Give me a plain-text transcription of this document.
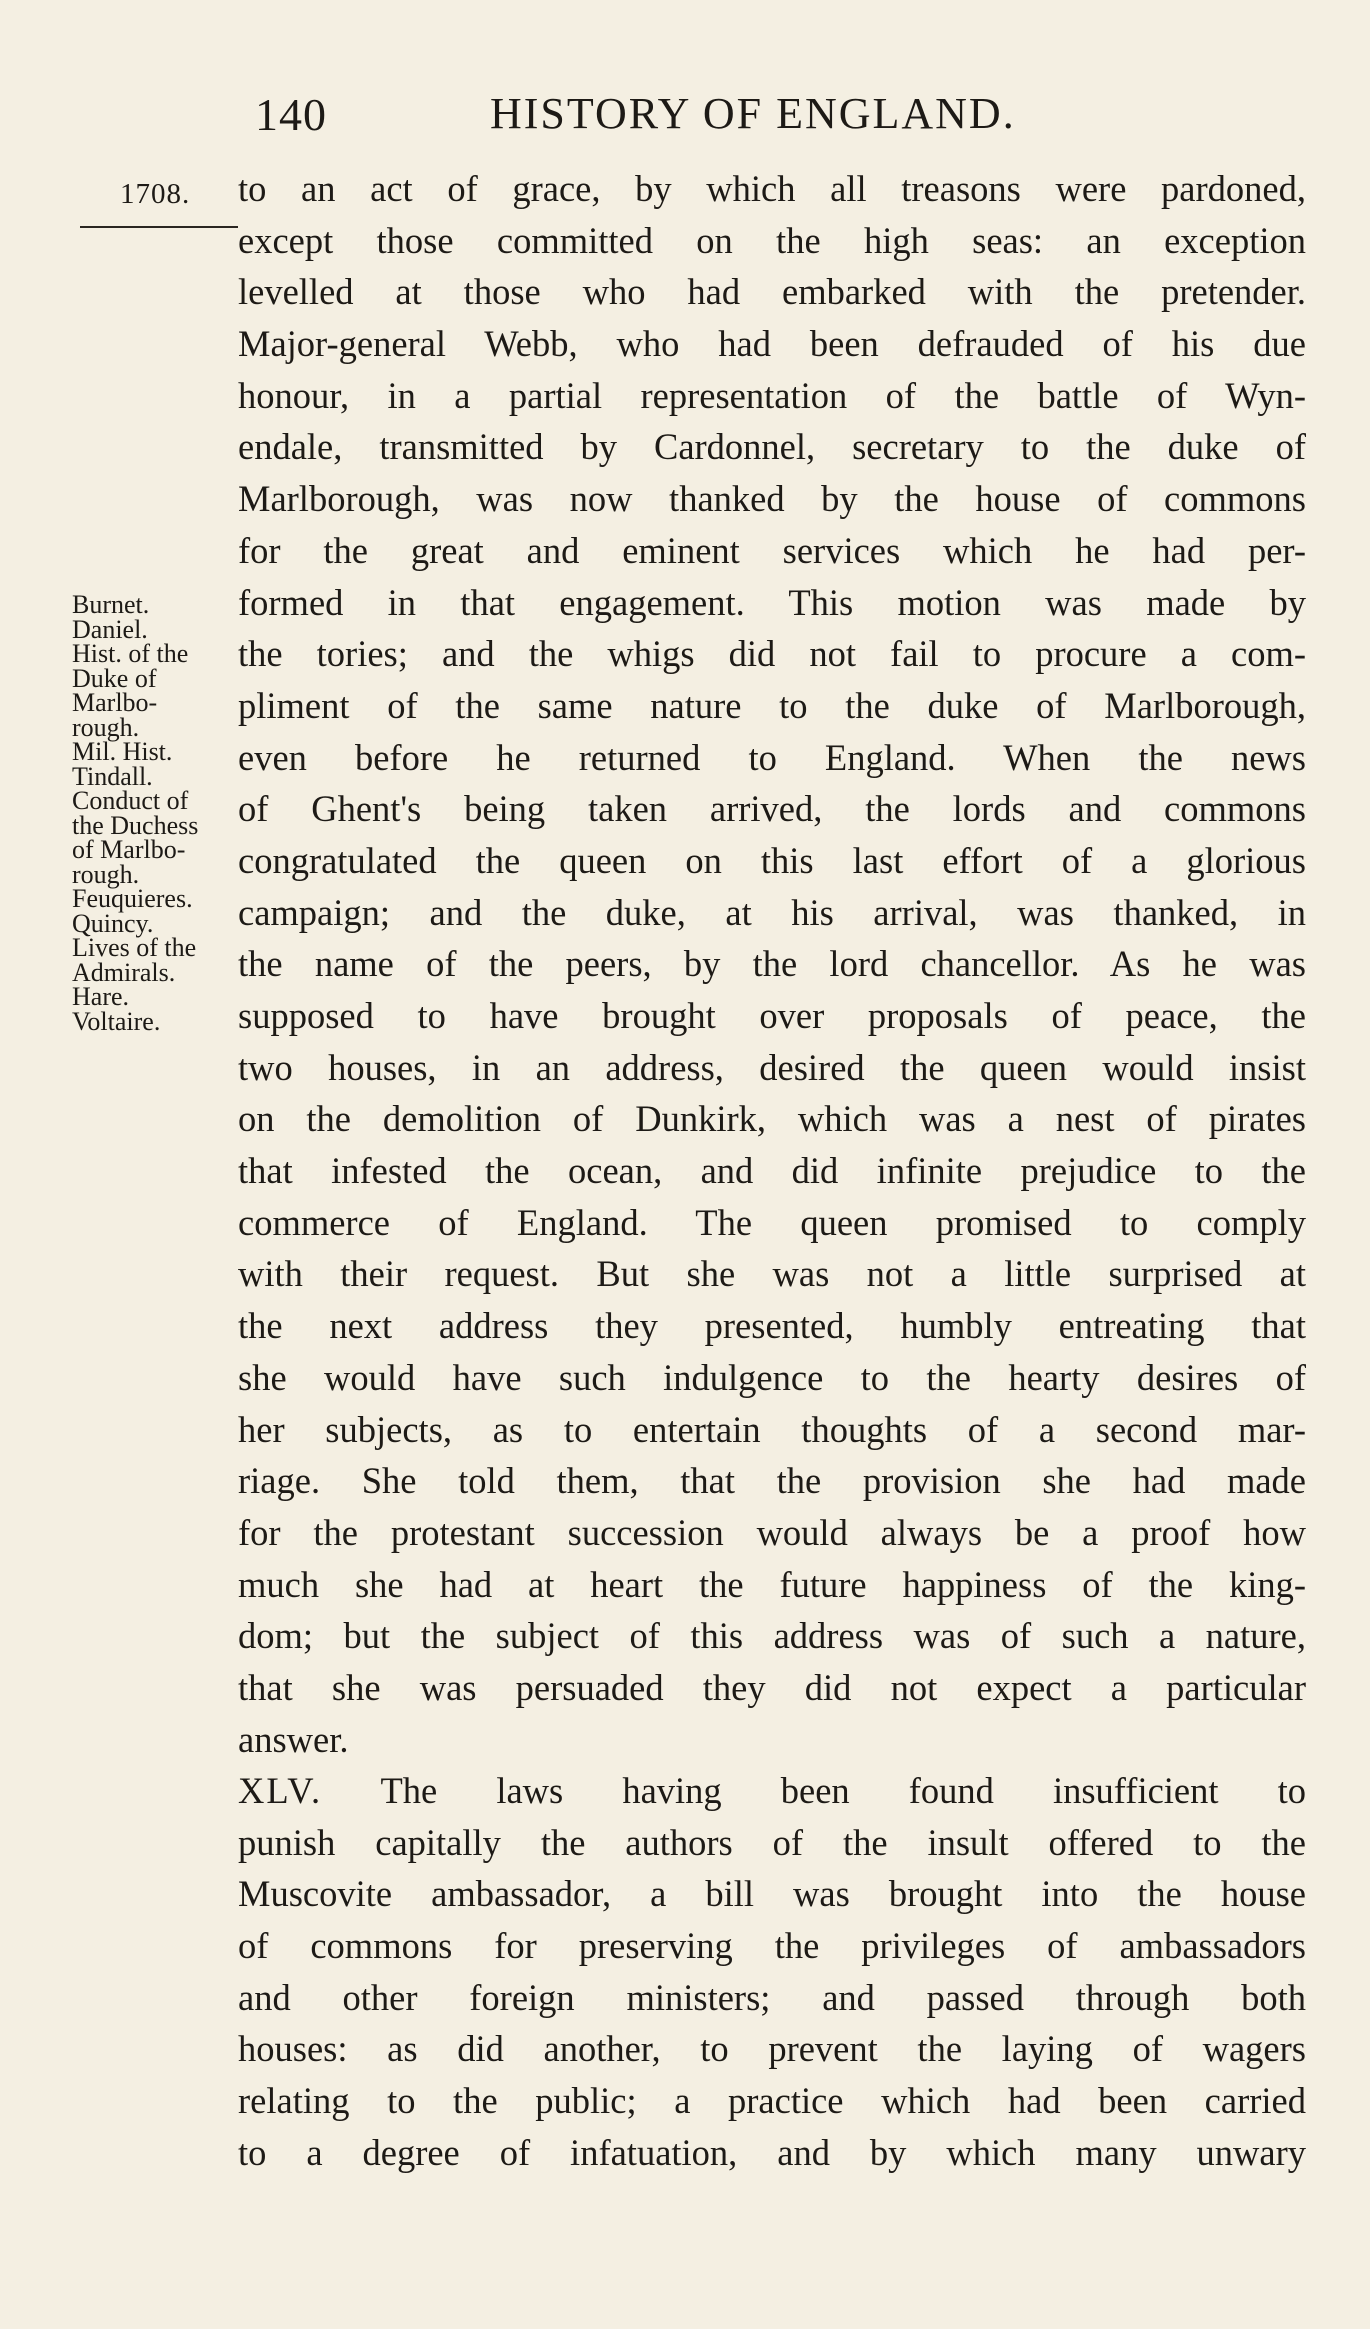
140	HISTORY OF ENGLAND.
1708.
Burnet.
Daniel.
Hist. of the
Duke of
Marlbo-
rough.
Mil. Hist.
Tindall.
Conduct of
the Duchess
of Marlbo-
rough.
Feuquieres.
Quincy.
Lives of the
Admirals.
Hare.
Voltaire.
to an act of grace, by which all treasons were pardoned,
except those committed on the high seas: an exception
levelled at those who had embarked with the pretender.
Major-general Webb, who had been defrauded of his due
honour, in a partial representation of the battle of Wyn-
endale, transmitted by Cardonnel, secretary to the duke of
Marlborough, was now thanked by the house of commons
for the great and eminent services which he had per-
formed in that engagement. This motion was made by
the tories; and the whigs did not fail to procure a com-
pliment of the same nature to the duke of Marlborough,
even before he returned to England. When the news
of Ghent's being taken arrived, the lords and commons
congratulated the queen on this last effort of a glorious
campaign; and the duke, at his arrival, was thanked, in
the name of the peers, by the lord chancellor. As he was
supposed to have brought over proposals of peace, the
two houses, in an address, desired the queen would insist
on the demolition of Dunkirk, which was a nest of pirates
that infested the ocean, and did infinite prejudice to the
commerce of England. The queen promised to comply
with their request. But she was not a little surprised at
the next address they presented, humbly entreating that
she would have such indulgence to the hearty desires of
her subjects, as to entertain thoughts of a second mar-
riage. She told them, that the provision she had made
for the protestant succession would always be a proof how
much she had at heart the future happiness of the king-
dom; but the subject of this address was of such a nature,
that she was persuaded they did not expect a particular
answer.
XLV. The laws having been found insufficient to
punish capitally the authors of the insult offered to the
Muscovite ambassador, a bill was brought into the house
of commons for preserving the privileges of ambassadors
and other foreign ministers; and passed through both
houses: as did another, to prevent the laying of wagers
relating to the public; a practice which had been carried
to a degree of infatuation, and by which many unwary
